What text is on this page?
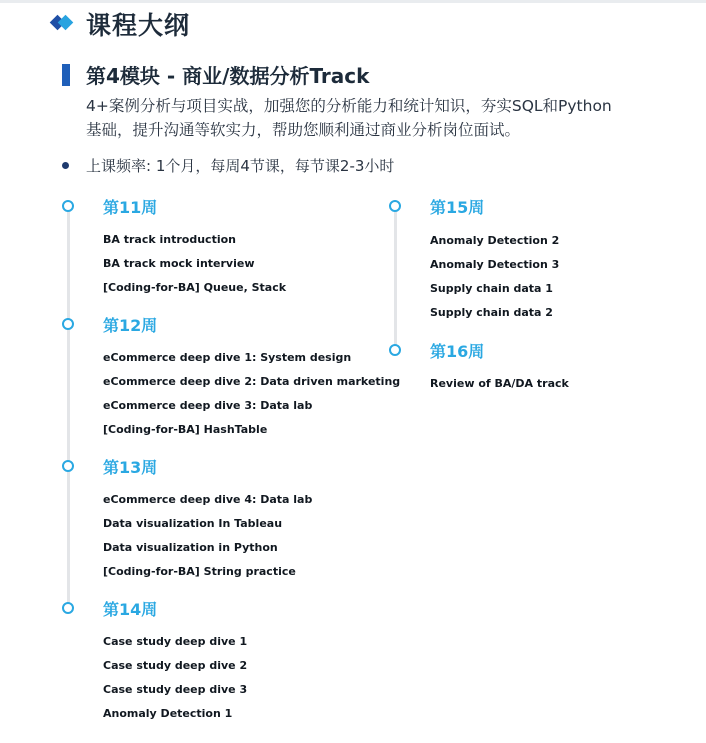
课程大纲
第4模块 - 商业/数据分析Track

4+案例分析与项目实战，加强您的分析能力和统计知识，夯实SQL和Python
基础，提升沟通等软实力，帮助您顺利通过商业分析岗位面试。

上课频率: 1个月，每周4节课，每节课2-3小时
第11周
BA track introduction
BA track mock interview
[Coding-for-BA] Queue, Stack
第12周
eCommerce deep dive 1: System design
eCommerce deep dive 2: Data driven marketing
eCommerce deep dive 3: Data lab
[Coding-for-BA] HashTable
第13周
eCommerce deep dive 4: Data lab
Data visualization In Tableau
Data visualization in Python
[Coding-for-BA] String practice
第14周
Case study deep dive 1
Case study deep dive 2
Case study deep dive 3
Anomaly Detection 1
第15周
Anomaly Detection 2
Anomaly Detection 3
Supply chain data 1
Supply chain data 2
第16周
Review of BA/DA track
